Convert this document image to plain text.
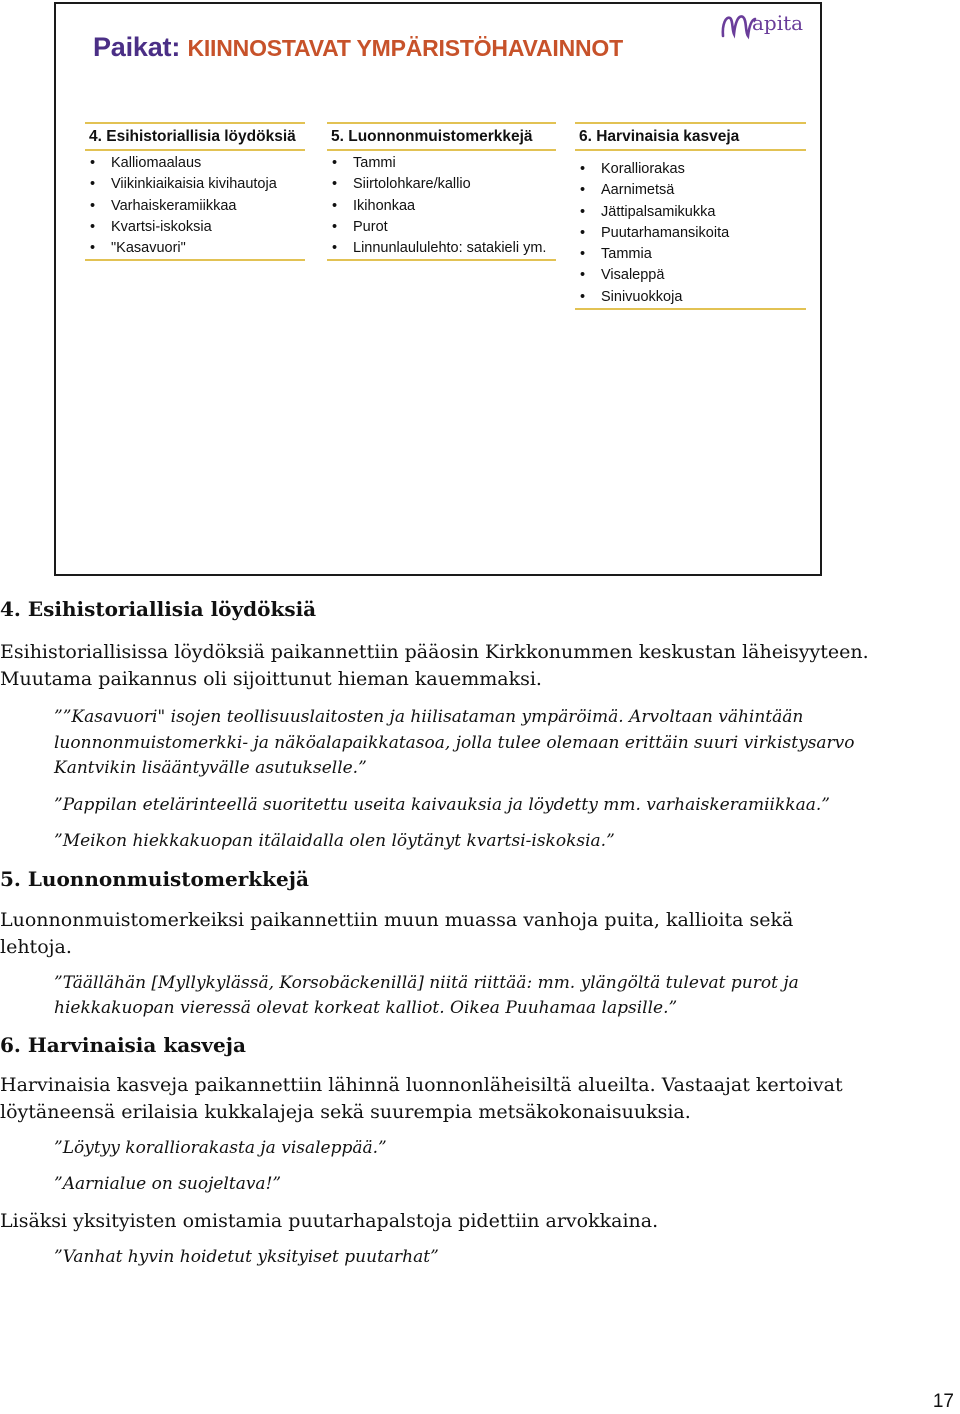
Paikat: KIINNOSTAVAT YMPÄRISTÖHAVAINNOT
apita
4. Esihistoriallisia löydöksiä
• Kalliomaalaus
• Viikinkiaikaisia kivihautoja
• Varhaiskeramiikkaa
• Kvartsi-iskoksia
• "Kasavuori"
5. Luonnonmuistomerkkejä
• Tammi
• Siirtolohkare/kallio
• Ikihonkaa
• Purot
• Linnunlaululehto: satakieli ym.
6. Harvinaisia kasveja
• Koralliorakas
• Aarnimetsä
• Jättipalsamikukka
• Puutarhamansikoita
• Tammia
• Visaleppä
• Sinivuokkoja

4. Esihistoriallisia löydöksiä

Esihistoriallisissa löydöksiä paikannettiin pääosin Kirkkonummen keskustan läheisyyteen. Muutama paikannus oli sijoittunut hieman kauemmaksi.

””Kasavuori" isojen teollisuuslaitosten ja hiilisataman ympäröimä. Arvoltaan vähintään luonnonmuistomerkki- ja näköalapaikkatasoa, jolla tulee olemaan erittäin suuri virkistysarvo Kantvikin lisääntyvälle asutukselle.”

”Pappilan etelärinteellä suoritettu useita kaivauksia ja löydetty mm. varhaiskeramiikkaa.”

”Meikon hiekkakuopan itälaidalla olen löytänyt kvartsi-iskoksia.”

5. Luonnonmuistomerkkejä

Luonnonmuistomerkeiksi paikannettiin muun muassa vanhoja puita, kallioita sekä lehtoja.

”Täällähän [Myllykylässä, Korsobäckenillä] niitä riittää: mm. ylängöltä tulevat purot ja hiekkakuopan vieressä olevat korkeat kalliot. Oikea Puuhamaa lapsille.”

6. Harvinaisia kasveja

Harvinaisia kasveja paikannettiin lähinnä luonnonläheisiltä alueilta. Vastaajat kertoivat löytäneensä erilaisia kukkalajeja sekä suurempia metsäkokonaisuuksia.

”Löytyy koralliorakasta ja visaleppää.”

”Aarnialue on suojeltava!”

Lisäksi yksityisten omistamia puutarhapalstoja pidettiin arvokkaina.

”Vanhat hyvin hoidetut yksityiset puutarhat”

17
